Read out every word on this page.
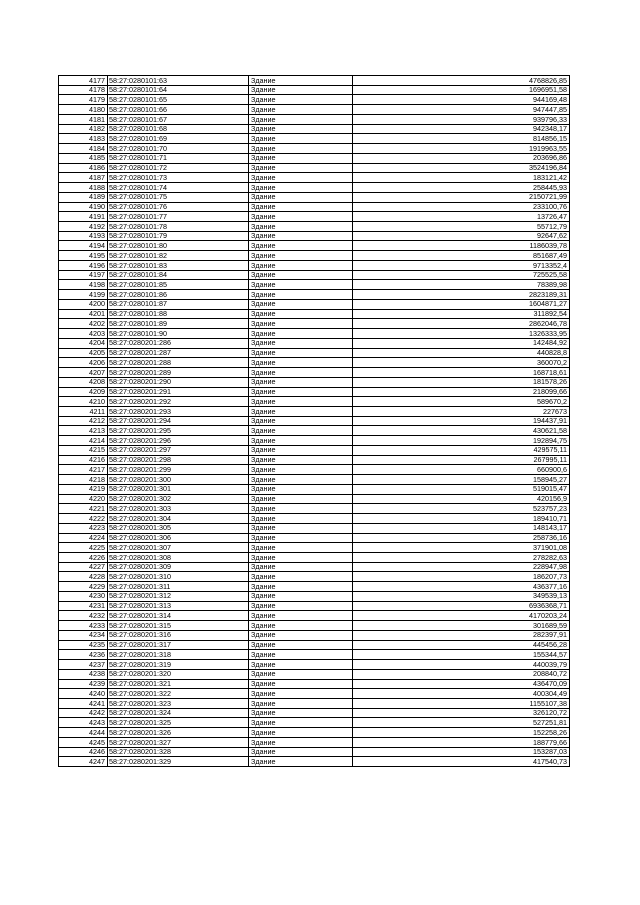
4177	58:27:0280101:63	Здание	4768826,85
4178	58:27:0280101:64	Здание	1696951,58
4179	58:27:0280101:65	Здание	944169,48
4180	58:27:0280101:66	Здание	947447,85
4181	58:27:0280101:67	Здание	939796,33
4182	58:27:0280101:68	Здание	942348,17
4183	58:27:0280101:69	Здание	814856,15
4184	58:27:0280101:70	Здание	1919963,55
4185	58:27:0280101:71	Здание	203696,86
4186	58:27:0280101:72	Здание	3524196,84
4187	58:27:0280101:73	Здание	183121,42
4188	58:27:0280101:74	Здание	258445,93
4189	58:27:0280101:75	Здание	2150721,99
4190	58:27:0280101:76	Здание	233100,76
4191	58:27:0280101:77	Здание	13726,47
4192	58:27:0280101:78	Здание	55712,79
4193	58:27:0280101:79	Здание	92647,62
4194	58:27:0280101:80	Здание	1186039,78
4195	58:27:0280101:82	Здание	851687,49
4196	58:27:0280101:83	Здание	9713352,4
4197	58:27:0280101:84	Здание	725525,58
4198	58:27:0280101:85	Здание	78389,98
4199	58:27:0280101:86	Здание	2823189,31
4200	58:27:0280101:87	Здание	1604871,27
4201	58:27:0280101:88	Здание	311892,54
4202	58:27:0280101:89	Здание	2862046,78
4203	58:27:0280101:90	Здание	1326333,95
4204	58:27:0280201:286	Здание	142484,92
4205	58:27:0280201:287	Здание	440828,8
4206	58:27:0280201:288	Здание	360070,2
4207	58:27:0280201:289	Здание	168718,61
4208	58:27:0280201:290	Здание	181578,26
4209	58:27:0280201:291	Здание	218099,66
4210	58:27:0280201:292	Здание	589670,2
4211	58:27:0280201:293	Здание	227673
4212	58:27:0280201:294	Здание	194437,91
4213	58:27:0280201:295	Здание	430621,58
4214	58:27:0280201:296	Здание	192894,75
4215	58:27:0280201:297	Здание	429575,11
4216	58:27:0280201:298	Здание	267995,11
4217	58:27:0280201:299	Здание	660900,6
4218	58:27:0280201:300	Здание	158945,27
4219	58:27:0280201:301	Здание	519015,47
4220	58:27:0280201:302	Здание	420156,9
4221	58:27:0280201:303	Здание	523757,23
4222	58:27:0280201:304	Здание	189410,71
4223	58:27:0280201:305	Здание	148143,17
4224	58:27:0280201:306	Здание	258736,16
4225	58:27:0280201:307	Здание	371901,08
4226	58:27:0280201:308	Здание	278282,63
4227	58:27:0280201:309	Здание	228947,98
4228	58:27:0280201:310	Здание	186207,73
4229	58:27:0280201:311	Здание	436377,16
4230	58:27:0280201:312	Здание	349539,13
4231	58:27:0280201:313	Здание	6936368,71
4232	58:27:0280201:314	Здание	4170203,24
4233	58:27:0280201:315	Здание	301689,59
4234	58:27:0280201:316	Здание	282397,91
4235	58:27:0280201:317	Здание	445456,28
4236	58:27:0280201:318	Здание	155344,57
4237	58:27:0280201:319	Здание	440039,79
4238	58:27:0280201:320	Здание	208840,72
4239	58:27:0280201:321	Здание	436470,09
4240	58:27:0280201:322	Здание	400304,49
4241	58:27:0280201:323	Здание	1155107,38
4242	58:27:0280201:324	Здание	326120,72
4243	58:27:0280201:325	Здание	527251,81
4244	58:27:0280201:326	Здание	152258,26
4245	58:27:0280201:327	Здание	188779,66
4246	58:27:0280201:328	Здание	153287,03
4247	58:27:0280201:329	Здание	417540,73
